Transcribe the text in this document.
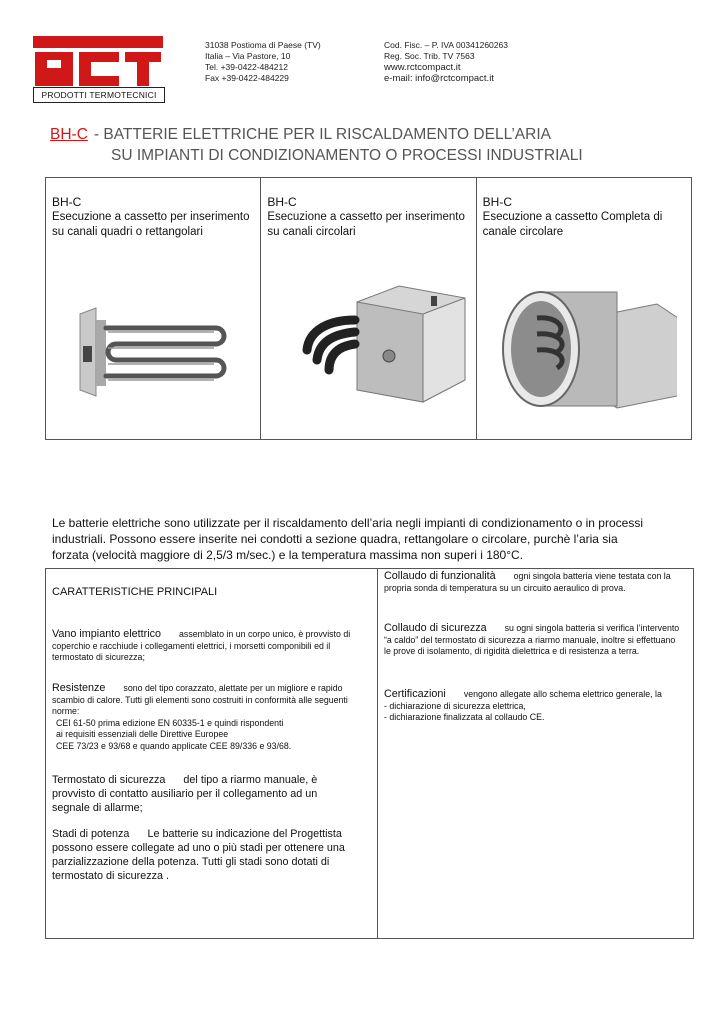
PRODOTTI TERMOTECNICI
31038 Postioma di Paese (TV)
Italia – Via Pastore, 10
Tel. +39-0422-484212
Fax +39-0422-484229
Cod. Fisc. – P. IVA 00341260263
Reg. Soc. Trib. TV 7563
www.rctcompact.it
e-mail: info@rctcompact.it
BH-C - BATTERIE ELETTRICHE PER IL RISCALDAMENTO DELL’ARIA
SU IMPIANTI DI CONDIZIONAMENTO O PROCESSI INDUSTRIALI
BH-C
Esecuzione a cassetto per inserimento su canali quadri o rettangolari
BH-C
Esecuzione a cassetto per inserimento su canali circolari
BH-C
Esecuzione a cassetto Completa di canale circolare
Le batterie elettriche sono utilizzate per il riscaldamento dell’aria negli impianti di condizionamento o in processi industriali. Possono essere inserite nei condotti a sezione quadra, rettangolare o circolare, purchè l’aria sia forzata (velocità maggiore di 2,5/3 m/sec.) e la temperatura massima non superi i 180°C.
CARATTERISTICHE PRINCIPALI
Vano impianto elettrico assemblato in un corpo unico, è provvisto di coperchio e racchiude i collegamenti elettrici, i morsetti componibili ed il termostato di sicurezza;
Resistenze sono del tipo corazzato, alettate per un migliore e rapido scambio di calore. Tutti gli elementi sono costruiti in conformità alle seguenti norme:
CEI 61-50 prima edizione EN 60335-1 e quindi rispondenti
ai requisiti essenziali delle Direttive Europee
CEE 73/23 e 93/68 e quando applicate CEE 89/336 e 93/68.
Termostato di sicurezza del tipo a riarmo manuale, è provvisto di contatto ausiliario per il collegamento ad un segnale di allarme;
Stadi di potenza Le batterie su indicazione del Progettista possono essere collegate ad uno o più stadi per ottenere una parzializzazione della potenza. Tutti gli stadi sono dotati di termostato di sicurezza .
Collaudo di funzionalità ogni singola batteria viene testata con la propria sonda di temperatura su un circuito aeraulico di prova.
Collaudo di sicurezza su ogni singola batteria si verifica l’intervento “a caldo” del termostato di sicurezza a riarmo manuale, inoltre si effettuano le prove di isolamento, di rigidità dielettrica e di resistenza a terra.
Certificazioni vengono allegate allo schema elettrico generale, la
- dichiarazione di sicurezza elettrica,
- dichiarazione finalizzata al collaudo CE.
